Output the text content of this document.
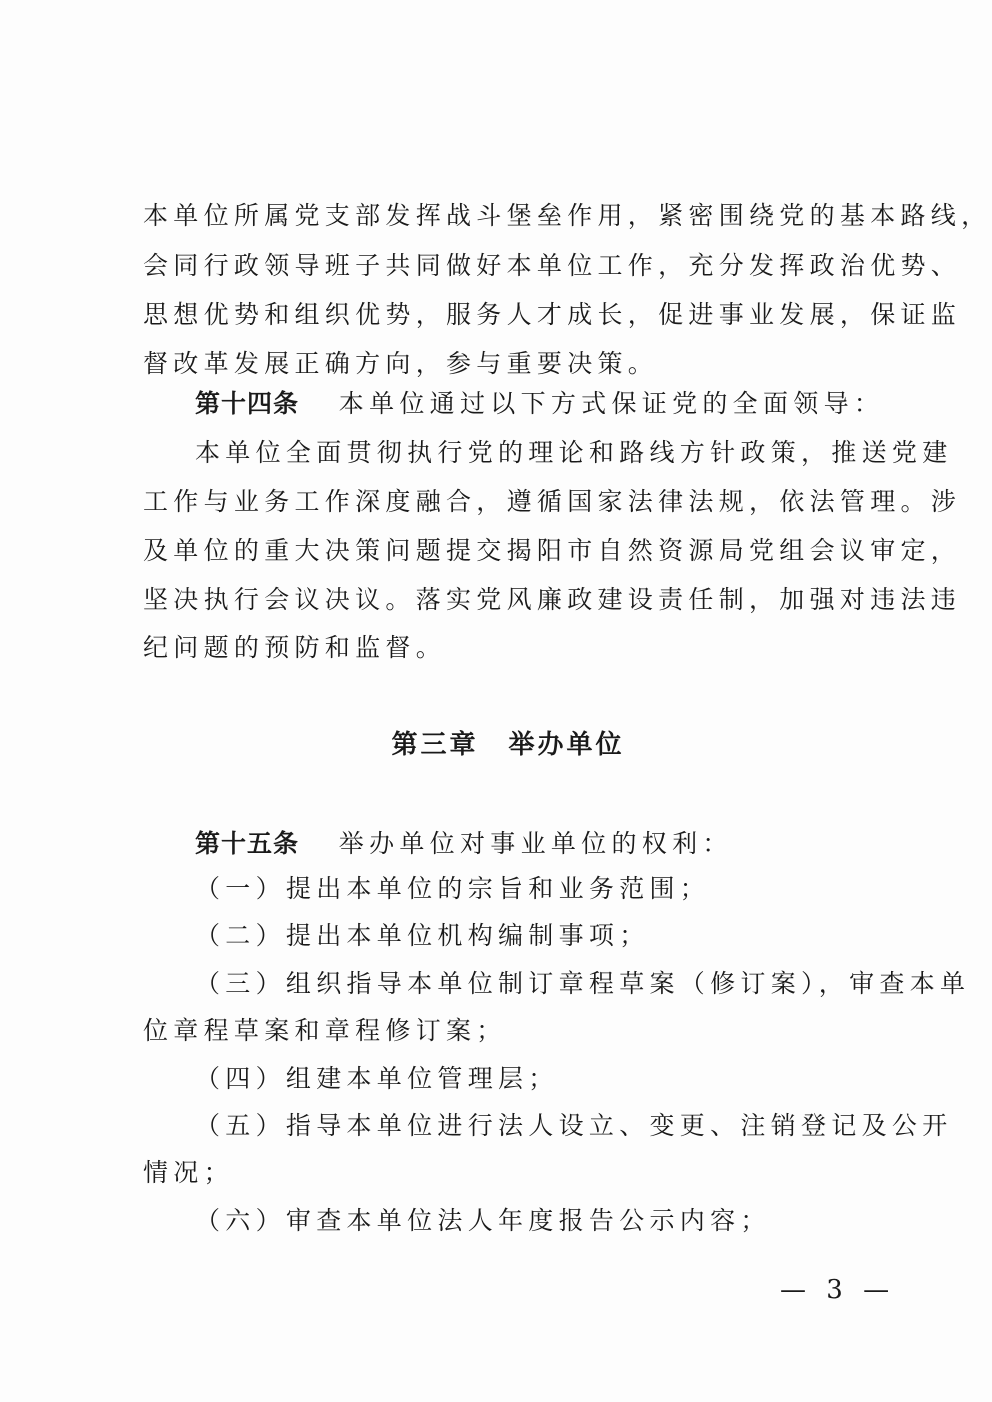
本单位所属党支部发挥战斗堡垒作用，紧密围绕党的基本路线，
会同行政领导班子共同做好本单位工作，充分发挥政治优势、
思想优势和组织优势，服务人才成长，促进事业发展，保证监
督改革发展正确方向，参与重要决策。
第十四条 本单位通过以下方式保证党的全面领导：
本单位全面贯彻执行党的理论和路线方针政策，推送党建
工作与业务工作深度融合，遵循国家法律法规，依法管理。涉
及单位的重大决策问题提交揭阳市自然资源局党组会议审定，
坚决执行会议决议。落实党风廉政建设责任制，加强对违法违
纪问题的预防和监督。
第三章 举办单位
第十五条 举办单位对事业单位的权利：
（一）提出本单位的宗旨和业务范围；
（二）提出本单位机构编制事项；
（三）组织指导本单位制订章程草案（修订案），审查本单
位章程草案和章程修订案；
（四）组建本单位管理层；
（五）指导本单位进行法人设立、变更、注销登记及公开
情况；
（六）审查本单位法人年度报告公示内容；
— 3 —
